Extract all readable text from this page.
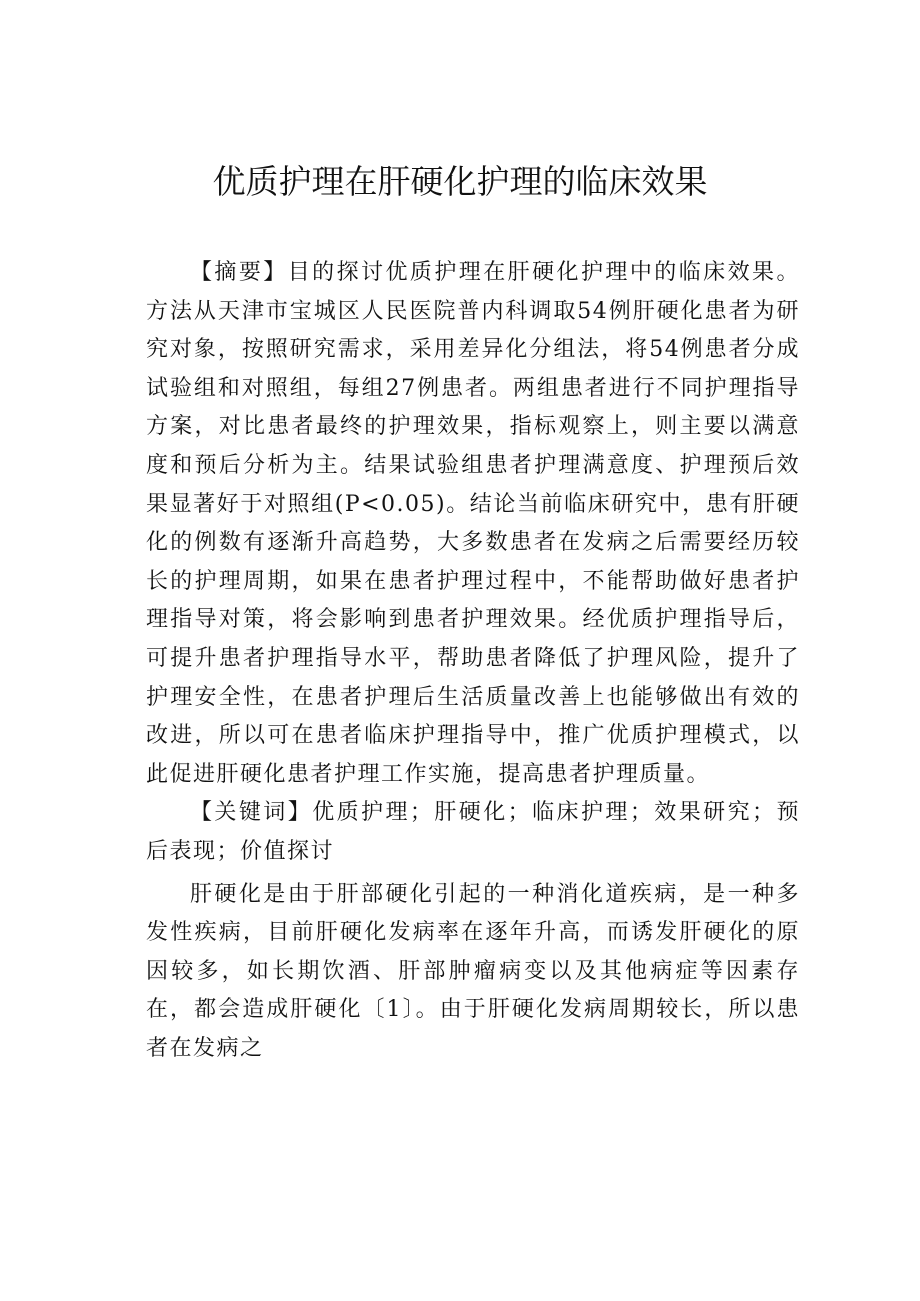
优质护理在肝硬化护理的临床效果

【摘要】目的探讨优质护理在肝硬化护理中的临床效果。方法从天津市宝城区人民医院普内科调取54例肝硬化患者为研究对象，按照研究需求，采用差异化分组法，将54例患者分成试验组和对照组，每组27例患者。两组患者进行不同护理指导方案，对比患者最终的护理效果，指标观察上，则主要以满意度和预后分析为主。结果试验组患者护理满意度、护理预后效果显著好于对照组(P<0.05)。结论当前临床研究中，患有肝硬化的例数有逐渐升高趋势，大多数患者在发病之后需要经历较长的护理周期，如果在患者护理过程中，不能帮助做好患者护理指导对策，将会影响到患者护理效果。经优质护理指导后，可提升患者护理指导水平，帮助患者降低了护理风险，提升了护理安全性，在患者护理后生活质量改善上也能够做出有效的改进，所以可在患者临床护理指导中，推广优质护理模式，以此促进肝硬化患者护理工作实施，提高患者护理质量。

【关键词】优质护理；肝硬化；临床护理；效果研究；预后表现；价值探讨

肝硬化是由于肝部硬化引起的一种消化道疾病，是一种多发性疾病，目前肝硬化发病率在逐年升高，而诱发肝硬化的原因较多，如长期饮酒、肝部肿瘤病变以及其他病症等因素存在，都会造成肝硬化〔1〕。由于肝硬化发病周期较长，所以患者在发病之
